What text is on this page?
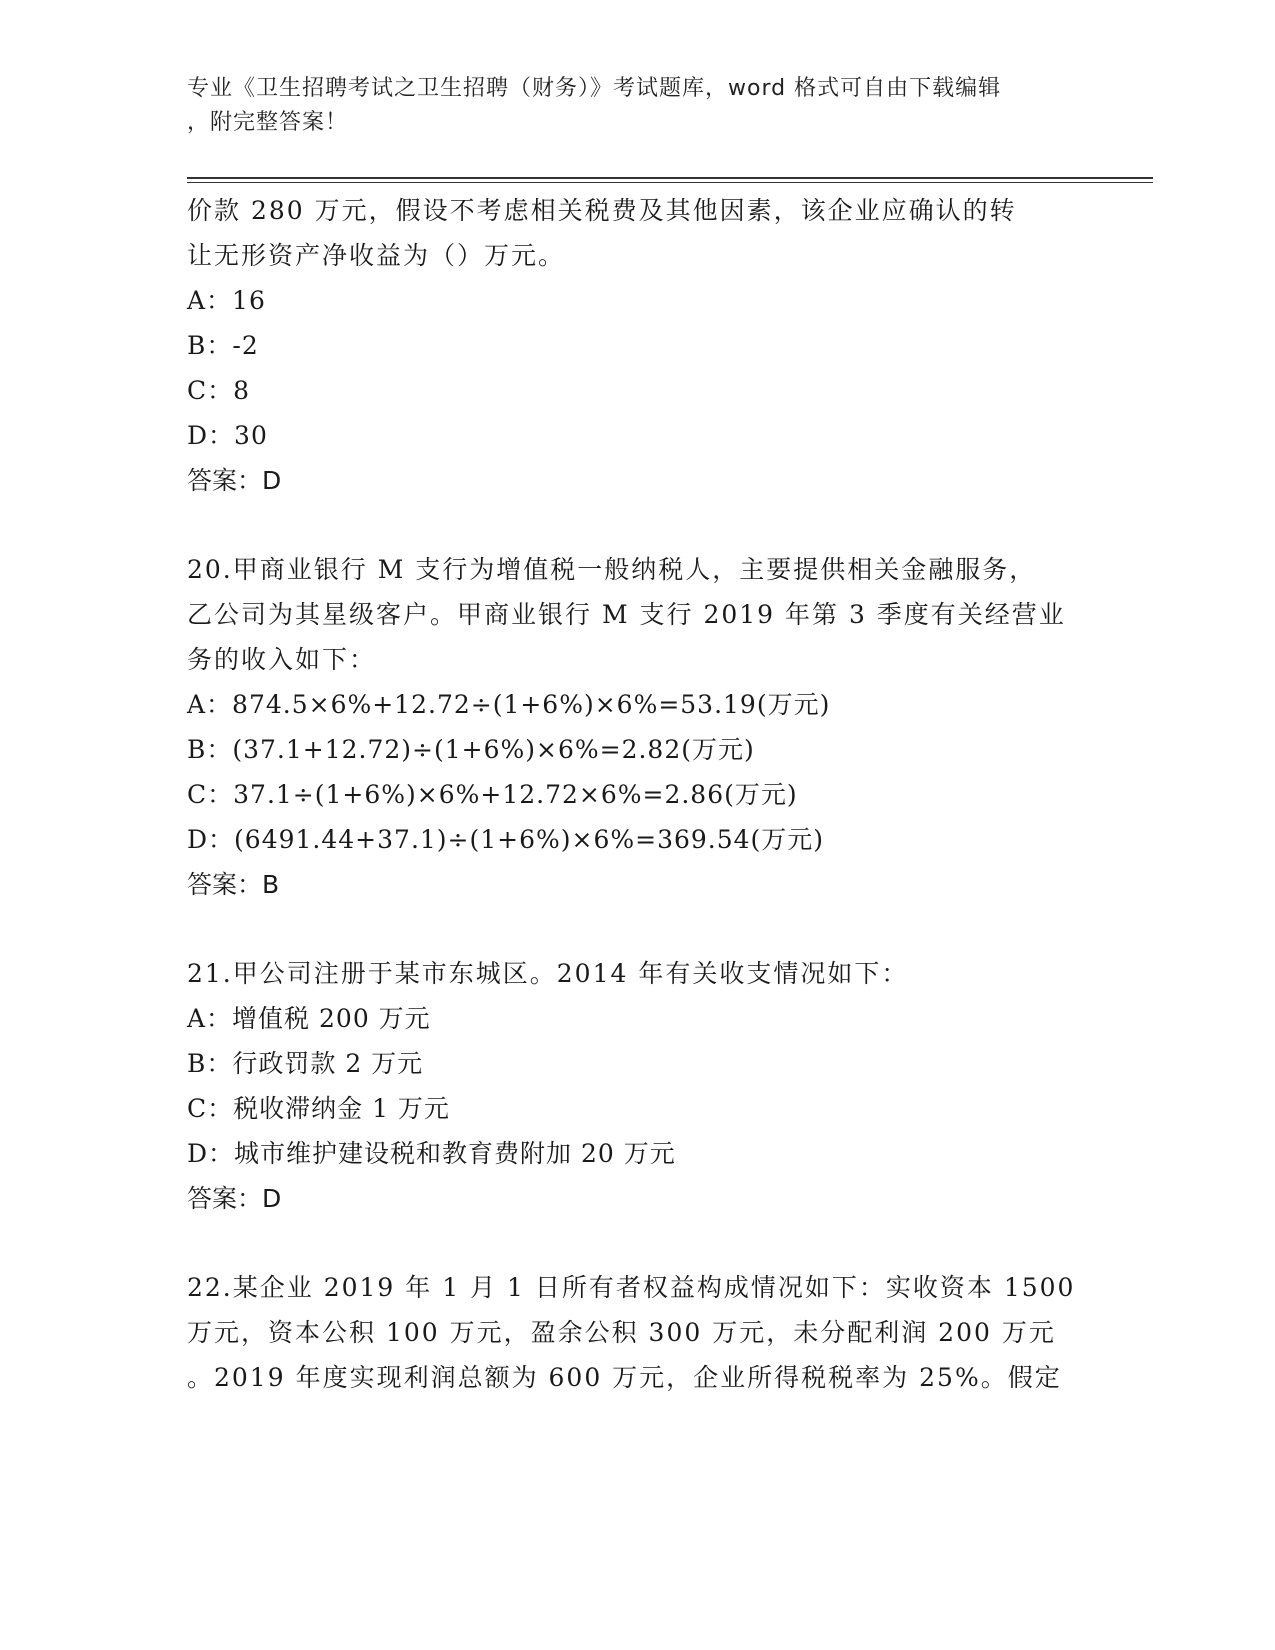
专业《卫生招聘考试之卫生招聘（财务）》考试题库，word 格式可自由下载编辑
，附完整答案！

价款 280 万元，假设不考虑相关税费及其他因素，该企业应确认的转

让无形资产净收益为（）万元。

A：16

B：-2

C：8

D：30

答案：D

20.甲商业银行 M 支行为增值税一般纳税人，主要提供相关金融服务，

乙公司为其星级客户。甲商业银行 M 支行 2019 年第 3 季度有关经营业

务的收入如下：

A：874.5×6%+12.72÷(1+6%)×6%=53.19(万元)

B：(37.1+12.72)÷(1+6%)×6%=2.82(万元)

C：37.1÷(1+6%)×6%+12.72×6%=2.86(万元)

D：(6491.44+37.1)÷(1+6%)×6%=369.54(万元)

答案：B

21.甲公司注册于某市东城区。2014 年有关收支情况如下：

A：增值税 200 万元

B：行政罚款 2 万元

C：税收滞纳金 1 万元

D：城市维护建设税和教育费附加 20 万元

答案：D

22.某企业 2019 年 1 月 1 日所有者权益构成情况如下：实收资本 1500

万元，资本公积 100 万元，盈余公积 300 万元，未分配利润 200 万元

。2019 年度实现利润总额为 600 万元，企业所得税税率为 25%。假定
